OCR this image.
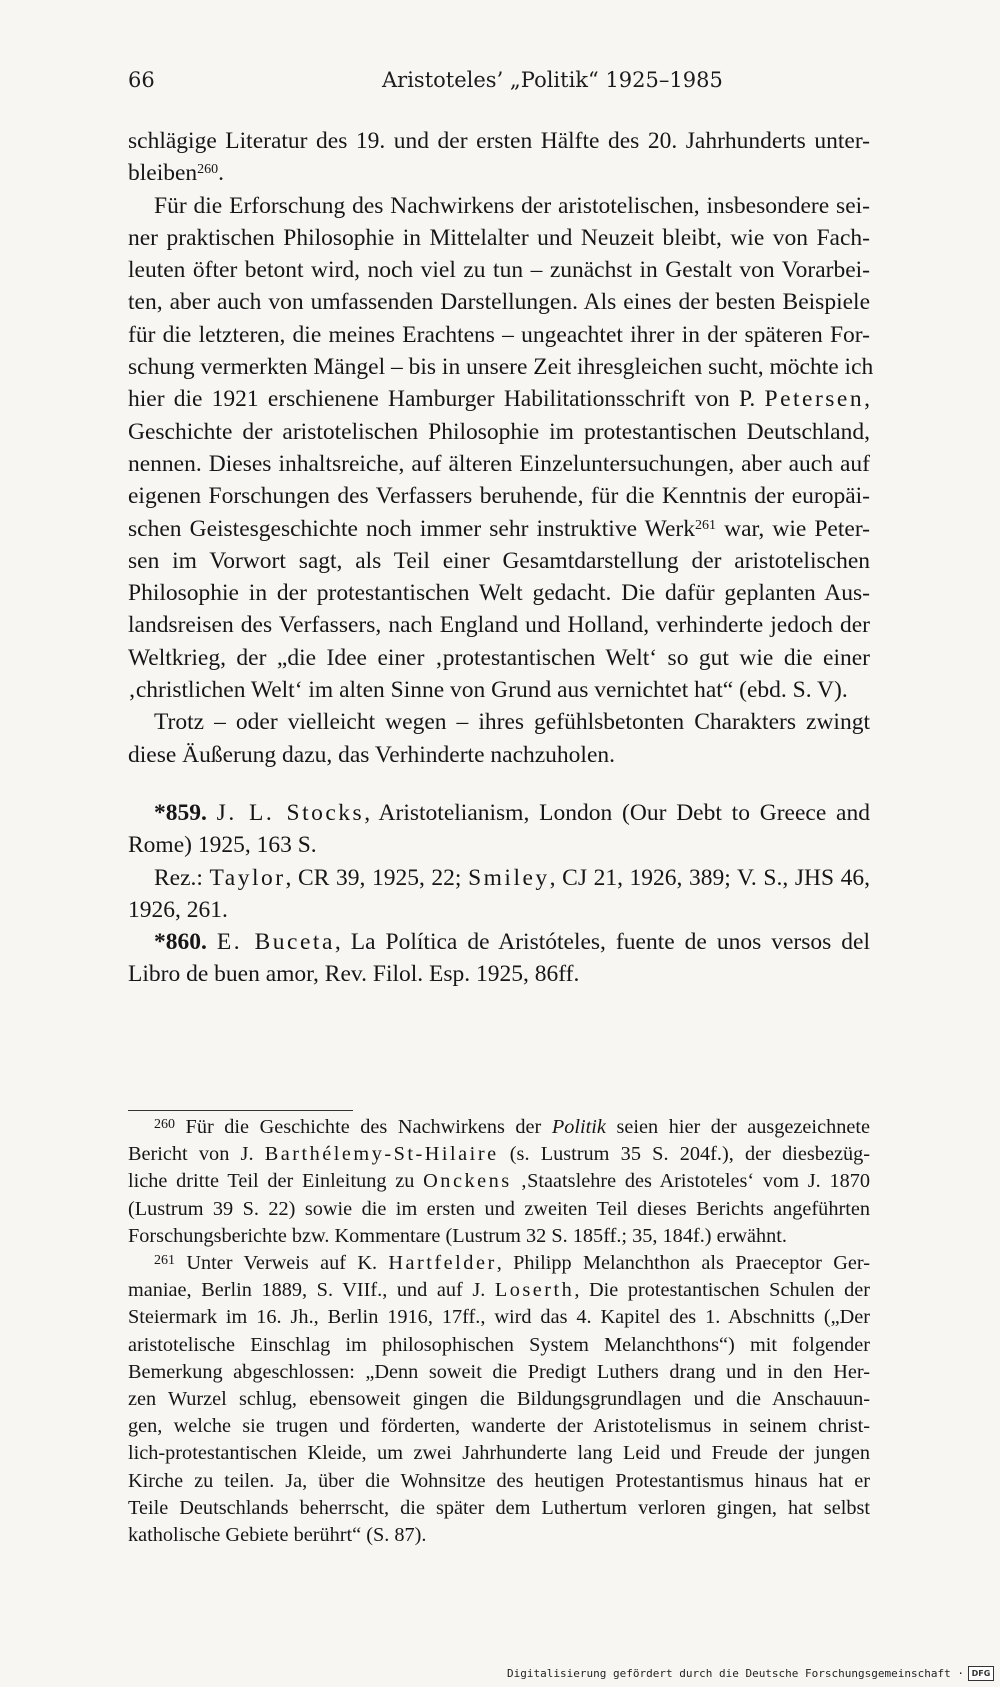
66	Aristoteles’ „Politik“ 1925–1985

schlägige Literatur des 19. und der ersten Hälfte des 20. Jahrhunderts unter-
bleiben$^{260}$.

Für die Erforschung des Nachwirkens der aristotelischen, insbesondere sei-
ner praktischen Philosophie in Mittelalter und Neuzeit bleibt, wie von Fach-
leuten öfter betont wird, noch viel zu tun – zunächst in Gestalt von Vorarbei-
ten, aber auch von umfassenden Darstellungen. Als eines der besten Beispiele
für die letzteren, die meines Erachtens – ungeachtet ihrer in der späteren For-
schung vermerkten Mängel – bis in unsere Zeit ihresgleichen sucht, möchte ich
hier die 1921 erschienene Hamburger Habilitationsschrift von P. Petersen,
Geschichte der aristotelischen Philosophie im protestantischen Deutschland,
nennen. Dieses inhaltsreiche, auf älteren Einzeluntersuchungen, aber auch auf
eigenen Forschungen des Verfassers beruhende, für die Kenntnis der europäi-
schen Geistesgeschichte noch immer sehr instruktive Werk$^{261}$ war, wie Peter-
sen im Vorwort sagt, als Teil einer Gesamtdarstellung der aristotelischen
Philosophie in der protestantischen Welt gedacht. Die dafür geplanten Aus-
landsreisen des Verfassers, nach England und Holland, verhinderte jedoch der
Weltkrieg, der „die Idee einer ‚protestantischen Welt‘ so gut wie die einer
‚christlichen Welt‘ im alten Sinne von Grund aus vernichtet hat“ (ebd. S. V).

Trotz – oder vielleicht wegen – ihres gefühlsbetonten Charakters zwingt
diese Äußerung dazu, das Verhinderte nachzuholen.

*859. J. L. Stocks, Aristotelianism, London (Our Debt to Greece and
Rome) 1925, 163 S.
Rez.: Taylor, CR 39, 1925, 22; Smiley, CJ 21, 1926, 389; V. S., JHS 46,
1926, 261.

*860. E. Buceta, La Política de Aristóteles, fuente de unos versos del
Libro de buen amor, Rev. Filol. Esp. 1925, 86ff.

$^{260}$ Für die Geschichte des Nachwirkens der Politik seien hier der ausgezeichnete
Bericht von J. Barthélemy-St-Hilaire (s. Lustrum 35 S. 204f.), der diesbezüg-
liche dritte Teil der Einleitung zu Onckens ‚Staatslehre des Aristoteles‘ vom J. 1870
(Lustrum 39 S. 22) sowie die im ersten und zweiten Teil dieses Berichts angeführten
Forschungsberichte bzw. Kommentare (Lustrum 32 S. 185ff.; 35, 184f.) erwähnt.

$^{261}$ Unter Verweis auf K. Hartfelder, Philipp Melanchthon als Praeceptor Ger-
maniae, Berlin 1889, S. VIIf., und auf J. Loserth, Die protestantischen Schulen der
Steiermark im 16. Jh., Berlin 1916, 17ff., wird das 4. Kapitel des 1. Abschnitts („Der
aristotelische Einschlag im philosophischen System Melanchthons“) mit folgender
Bemerkung abgeschlossen: „Denn soweit die Predigt Luthers drang und in den Her-
zen Wurzel schlug, ebensoweit gingen die Bildungsgrundlagen und die Anschauun-
gen, welche sie trugen und förderten, wanderte der Aristotelismus in seinem christ-
lich-protestantischen Kleide, um zwei Jahrhunderte lang Leid und Freude der jungen
Kirche zu teilen. Ja, über die Wohnsitze des heutigen Protestantismus hinaus hat er
Teile Deutschlands beherrscht, die später dem Luthertum verloren gingen, hat selbst
katholische Gebiete berührt“ (S. 87).

Digitalisierung gefördert durch die Deutsche Forschungsgemeinschaft · DFG
